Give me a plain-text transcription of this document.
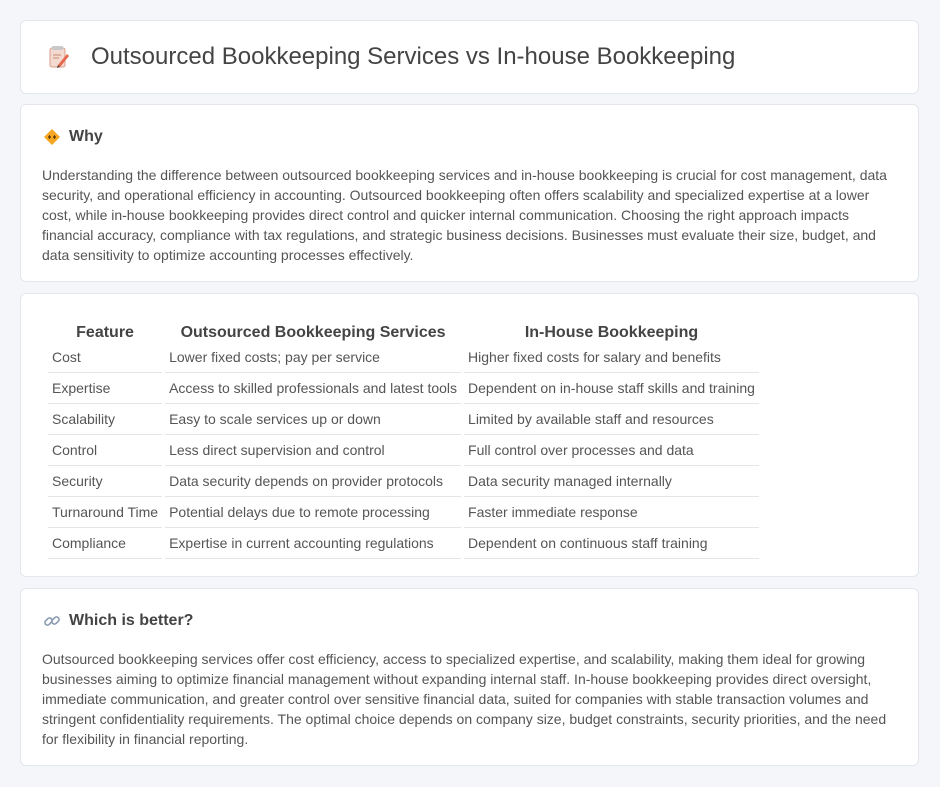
Outsourced Bookkeeping Services vs In-house Bookkeeping
Why

Understanding the difference between outsourced bookkeeping services and in-house bookkeeping is crucial for cost management, data security, and operational efficiency in accounting. Outsourced bookkeeping often offers scalability and specialized expertise at a lower cost, while in-house bookkeeping provides direct control and quicker internal communication. Choosing the right approach impacts financial accuracy, compliance with tax regulations, and strategic business decisions. Businesses must evaluate their size, budget, and data sensitivity to optimize accounting processes effectively.

Feature	Outsourced Bookkeeping Services	In-House Bookkeeping
Cost	Lower fixed costs; pay per service	Higher fixed costs for salary and benefits
Expertise	Access to skilled professionals and latest tools	Dependent on in-house staff skills and training
Scalability	Easy to scale services up or down	Limited by available staff and resources
Control	Less direct supervision and control	Full control over processes and data
Security	Data security depends on provider protocols	Data security managed internally
Turnaround Time	Potential delays due to remote processing	Faster immediate response
Compliance	Expertise in current accounting regulations	Dependent on continuous staff training
Which is better?

Outsourced bookkeeping services offer cost efficiency, access to specialized expertise, and scalability, making them ideal for growing businesses aiming to optimize financial management without expanding internal staff. In-house bookkeeping provides direct oversight, immediate communication, and greater control over sensitive financial data, suited for companies with stable transaction volumes and stringent confidentiality requirements. The optimal choice depends on company size, budget constraints, security priorities, and the need for flexibility in financial reporting.
